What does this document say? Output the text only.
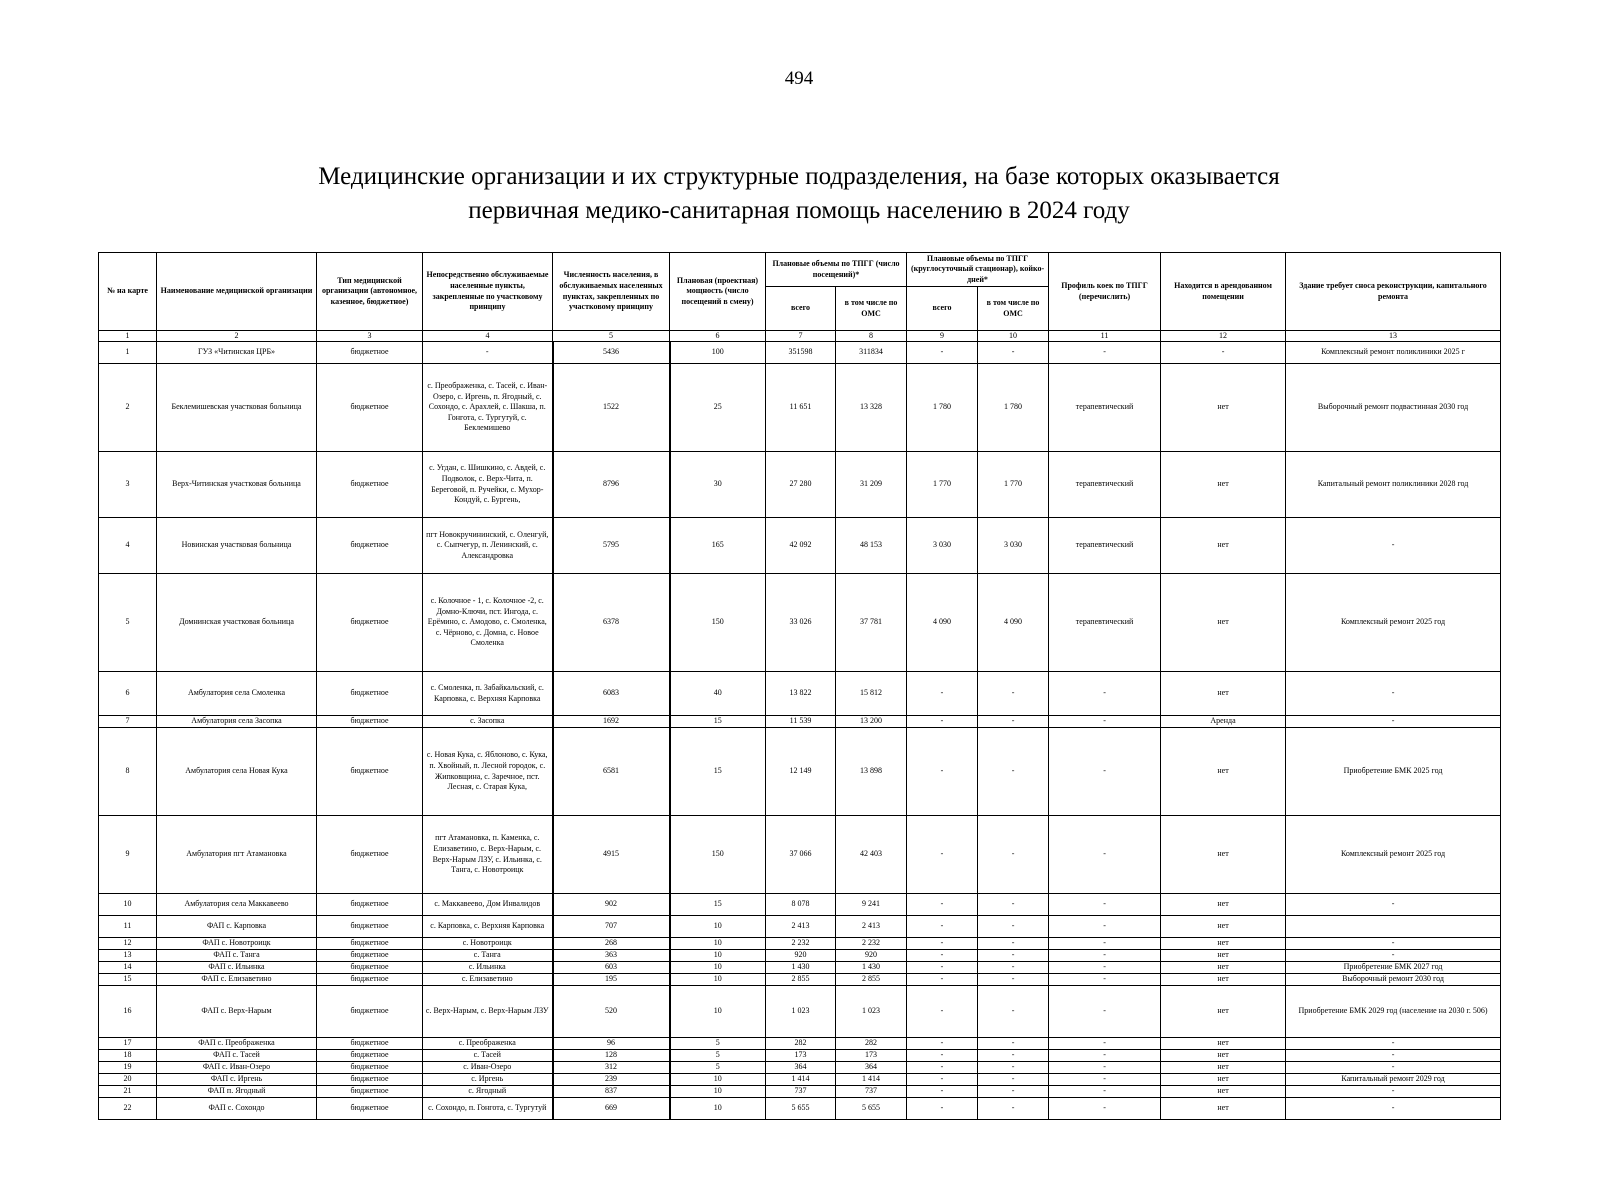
494
Медицинские организации и их структурные подразделения, на базе которых оказывается
первичная медико-санитарная помощь населению в 2024 году
№ на карте	Наименование медицинской организации	Тип медицинской организации (автономное, казенное, бюджетное)	Непосредственно обслуживаемые населенные пункты, закрепленные по участковому принципу	Численность населения, в обслуживаемых населенных пунктах, закрепленных по участковому принципу	Плановая (проектная) мощность (число посещений в смену)	Плановые объемы по ТПГГ (число посещений)*		Плановые объемы по ТПГГ (круглосуточный стационар), койко-дней*		Профиль коек по ТПГГ (перечислить)	Находится в арендованном помещении	Здание требует сноса реконструкции, капитального ремонта
						всего	в том числе по ОМС	всего	в том числе по ОМС			
1	2	3	4	5	6	7	8	9	10	11	12	13
1	ГУЗ «Читинская ЦРБ»	бюджетное	-	5436	100	351598	311834	-	-	-	-	Комплексный ремонт поликлиники 2025 г
2	Беклемишевская участковая больница	бюджетное	с. Преображенка, с. Тасей, с. Иван-Озеро, с. Иргень, п. Ягодный, с. Сохондо, с. Арахлей, с. Шакша, п. Гонгота, с. Тургутуй, с. Беклемишево	1522	25	11 651	13 328	1 780	1 780	терапевтический	нет	Выборочный ремонт подвастинная 2030 год
3	Верх-Читинская участковая больница	бюджетное	с. Угдан, с. Шишкино, с. Авдей, с. Подволок, с. Верх-Чита, п. Береговой, п. Ручейки, с. Мухор-Кондуй, с. Бургень,	8796	30	27 280	31 209	1 770	1 770	терапевтический	нет	Капитальный ремонт поликлиники 2028 год
4	Новинская участковая больница	бюджетное	пгт Новокручининский, с. Оленгуй, с. Сыпчегур, п. Ленинский, с. Александровка	5795	165	42 092	48 153	3 030	3 030	терапевтический	нет	-
5	Домнинская участковая больница	бюджетное	с. Колочное - 1, с. Колочное -2, с. Домно-Ключи, пст. Ингода, с. Ерёмино, с. Амодово, с. Смоленка, с. Чёрново, с. Домна, с. Новое Смоленка	6378	150	33 026	37 781	4 090	4 090	терапевтический	нет	Комплексный ремонт 2025 год
6	Амбулатория села Смоленка	бюджетное	с. Смоленка, п. Забайкальский, с. Карповка, с. Верхняя Карповка	6083	40	13 822	15 812	-	-	-	нет	-
7	Амбулатория села Засопка	бюджетное	с. Засопка	1692	15	11 539	13 200	-	-	-	Аренда	-
8	Амбулатория села Новая Кука	бюджетное	с. Новая Кука, с. Яблоново, с. Кука, п. Хвойный, п. Лесной городок, с. Жипковщина, с. Заречное, пст. Лесная, с. Старая Кука,	6581	15	12 149	13 898	-	-	-	нет	Приобретение БМК 2025 год
9	Амбулатория пгт Атамановка	бюджетное	пгт Атамановка, п. Каменка, с. Елизаветино, с. Верх-Нарым, с. Верх-Нарым ЛЗУ, с. Ильинка, с. Танга, с. Новотроицк	4915	150	37 066	42 403	-	-	-	нет	Комплексный ремонт 2025 год
10	Амбулатория села Маккавеево	бюджетное	с. Маккавеево, Дом Инвалидов	902	15	8 078	9 241	-	-	-	нет	-
11	ФАП с. Карповка	бюджетное	с. Карповка, с. Верхняя Карповка	707	10	2 413	2 413	-	-	-	нет	
12	ФАП с. Новотроицк	бюджетное	с. Новотроицк	268	10	2 232	2 232	-	-	-	нет	-
13	ФАП с. Танга	бюджетное	с. Танга	363	10	920	920	-	-	-	нет	-
14	ФАП с. Ильинка	бюджетное	с. Ильинка	603	10	1 430	1 430	-	-	-	нет	Приобретение БМК 2027 год
15	ФАП с. Елизаветино	бюджетное	с. Елизаветино	195	10	2 855	2 855	-	-	-	нет	Выборочный ремонт 2030 год
16	ФАП с. Верх-Нарым	бюджетное	с. Верх-Нарым, с. Верх-Нарым ЛЗУ	520	10	1 023	1 023	-	-	-	нет	Приобретение БМК 2029 год (население на 2030 г. 506)
17	ФАП с. Преображенка	бюджетное	с. Преображенка	96	5	282	282	-	-	-	нет	-
18	ФАП с. Тасей	бюджетное	с. Тасей	128	5	173	173	-	-	-	нет	-
19	ФАП с. Иван-Озеро	бюджетное	с. Иван-Озеро	312	5	364	364	-	-	-	нет	-
20	ФАП с. Иргень	бюджетное	с. Иргень	239	10	1 414	1 414	-	-	-	нет	Капитальный ремонт 2029 год
21	ФАП п. Ягодный	бюджетное	с. Ягодный	837	10	737	737	-	-	-	нет	-
22	ФАП с. Сохондо	бюджетное	с. Сохондо, п. Гонгота, с. Тургутуй	669	10	5 655	5 655	-	-	-	нет	-
